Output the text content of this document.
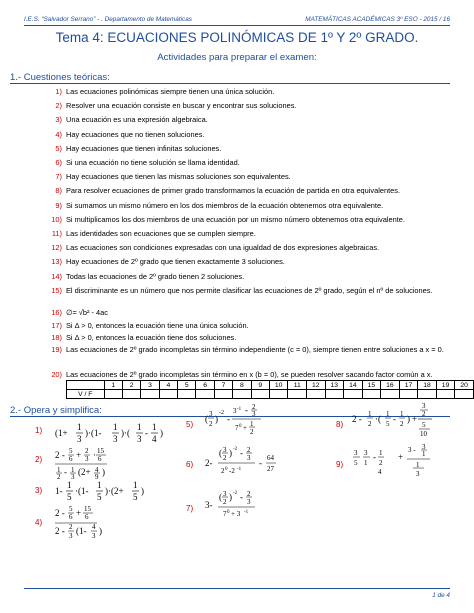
I.E.S. “Salvador Serrano” - . Departamento de Matemáticas	MATEMÁTICAS ACADÉMICAS 3º ESO - 2015 / 16
Tema 4: ECUACIONES POLINÓMICAS DE 1º Y 2º GRADO.
Actividades para preparar el examen:
1.- Cuestiones teóricas:
1) Las ecuaciones polinómicas siempre tienen una única solución.
2) Resolver una ecuación consiste en buscar y encontrar sus soluciones.
3) Una ecuación es una expresión algebraica.
4) Hay ecuaciones que no tienen soluciones.
5) Hay ecuaciones que tienen infinitas soluciones.
6) Si una ecuación no tiene solución se llama identidad.
7) Hay ecuaciones que tienen las mismas soluciones son equivalentes.
8) Para resolver ecuaciones de primer grado transformamos la ecuación de partida en otra equivalentes.
9) Si sumamos un mismo número en los dos miembros de la ecuación obtenemos otra equivalente.
10) Si multiplicamos los dos miembros de una ecuación por un mismo número obtenemos otra equivalente.
11) Las identidades son ecuaciones que se cumplen siempre.
12) Las ecuaciones son condiciones expresadas con una igualdad de dos expresiones algebraicas.
13) Hay ecuaciones de 2º grado que tienen exactamente 3 soluciones.
14) Todas las ecuaciones de 2º grado tienen 2 soluciones.
15) El discriminante es un número que nos permite clasificar las ecuaciones de 2º grado, según el nº de soluciones.
16) ∅= √b² - 4ac
17) Si Δ > 0, entonces la ecuación tiene una única solución.
18) Si Δ > 0, entonces la ecuación tiene dos soluciones.
19) Las ecuaciones de 2º grado incompletas sin término independiente (c = 0), siempre tienen entre soluciones a x = 0.
20) Las ecuaciones de 2º grado incompletas sin término en x (b = 0), se pueden resolver sacando factor común a x.
	1	2	3	4	5	6	7	8	9	10	11	12	13	14	15	16	17	18	19	20
V / F																				
2.- Opera y simplifica:
1) (1+
1
3
)·(1-
1
3
)·(
1
3
-
1
4
)
2) 2 - 5
6 + 2
3 · 15
6
1
2 - 1
3 (2+ 4
9 )
3) 1-
1
5
·(1-
1
5
)·(2+
1
5
)
4)
2 - 5
6 + 15
6
2 - 2
3 (1- 4
3 )
5)
( 3
2 )
-2
-
3 -1 - 2
3
7 0 + 1
2
6) 2-
( 3
2 ) -2 - 2
3
2 0 -2 -1
- 64
27
7) 3-
( 3
2 ) -2 - 2
3
7 0 + 3 -1
8)
2 - 1
2 ·( 1
5 - 1
2 ) +
3
2
5
10
9)
3
5
3
1
- 1
2
4
+
3 - 3
1
1
3
1 de 4
